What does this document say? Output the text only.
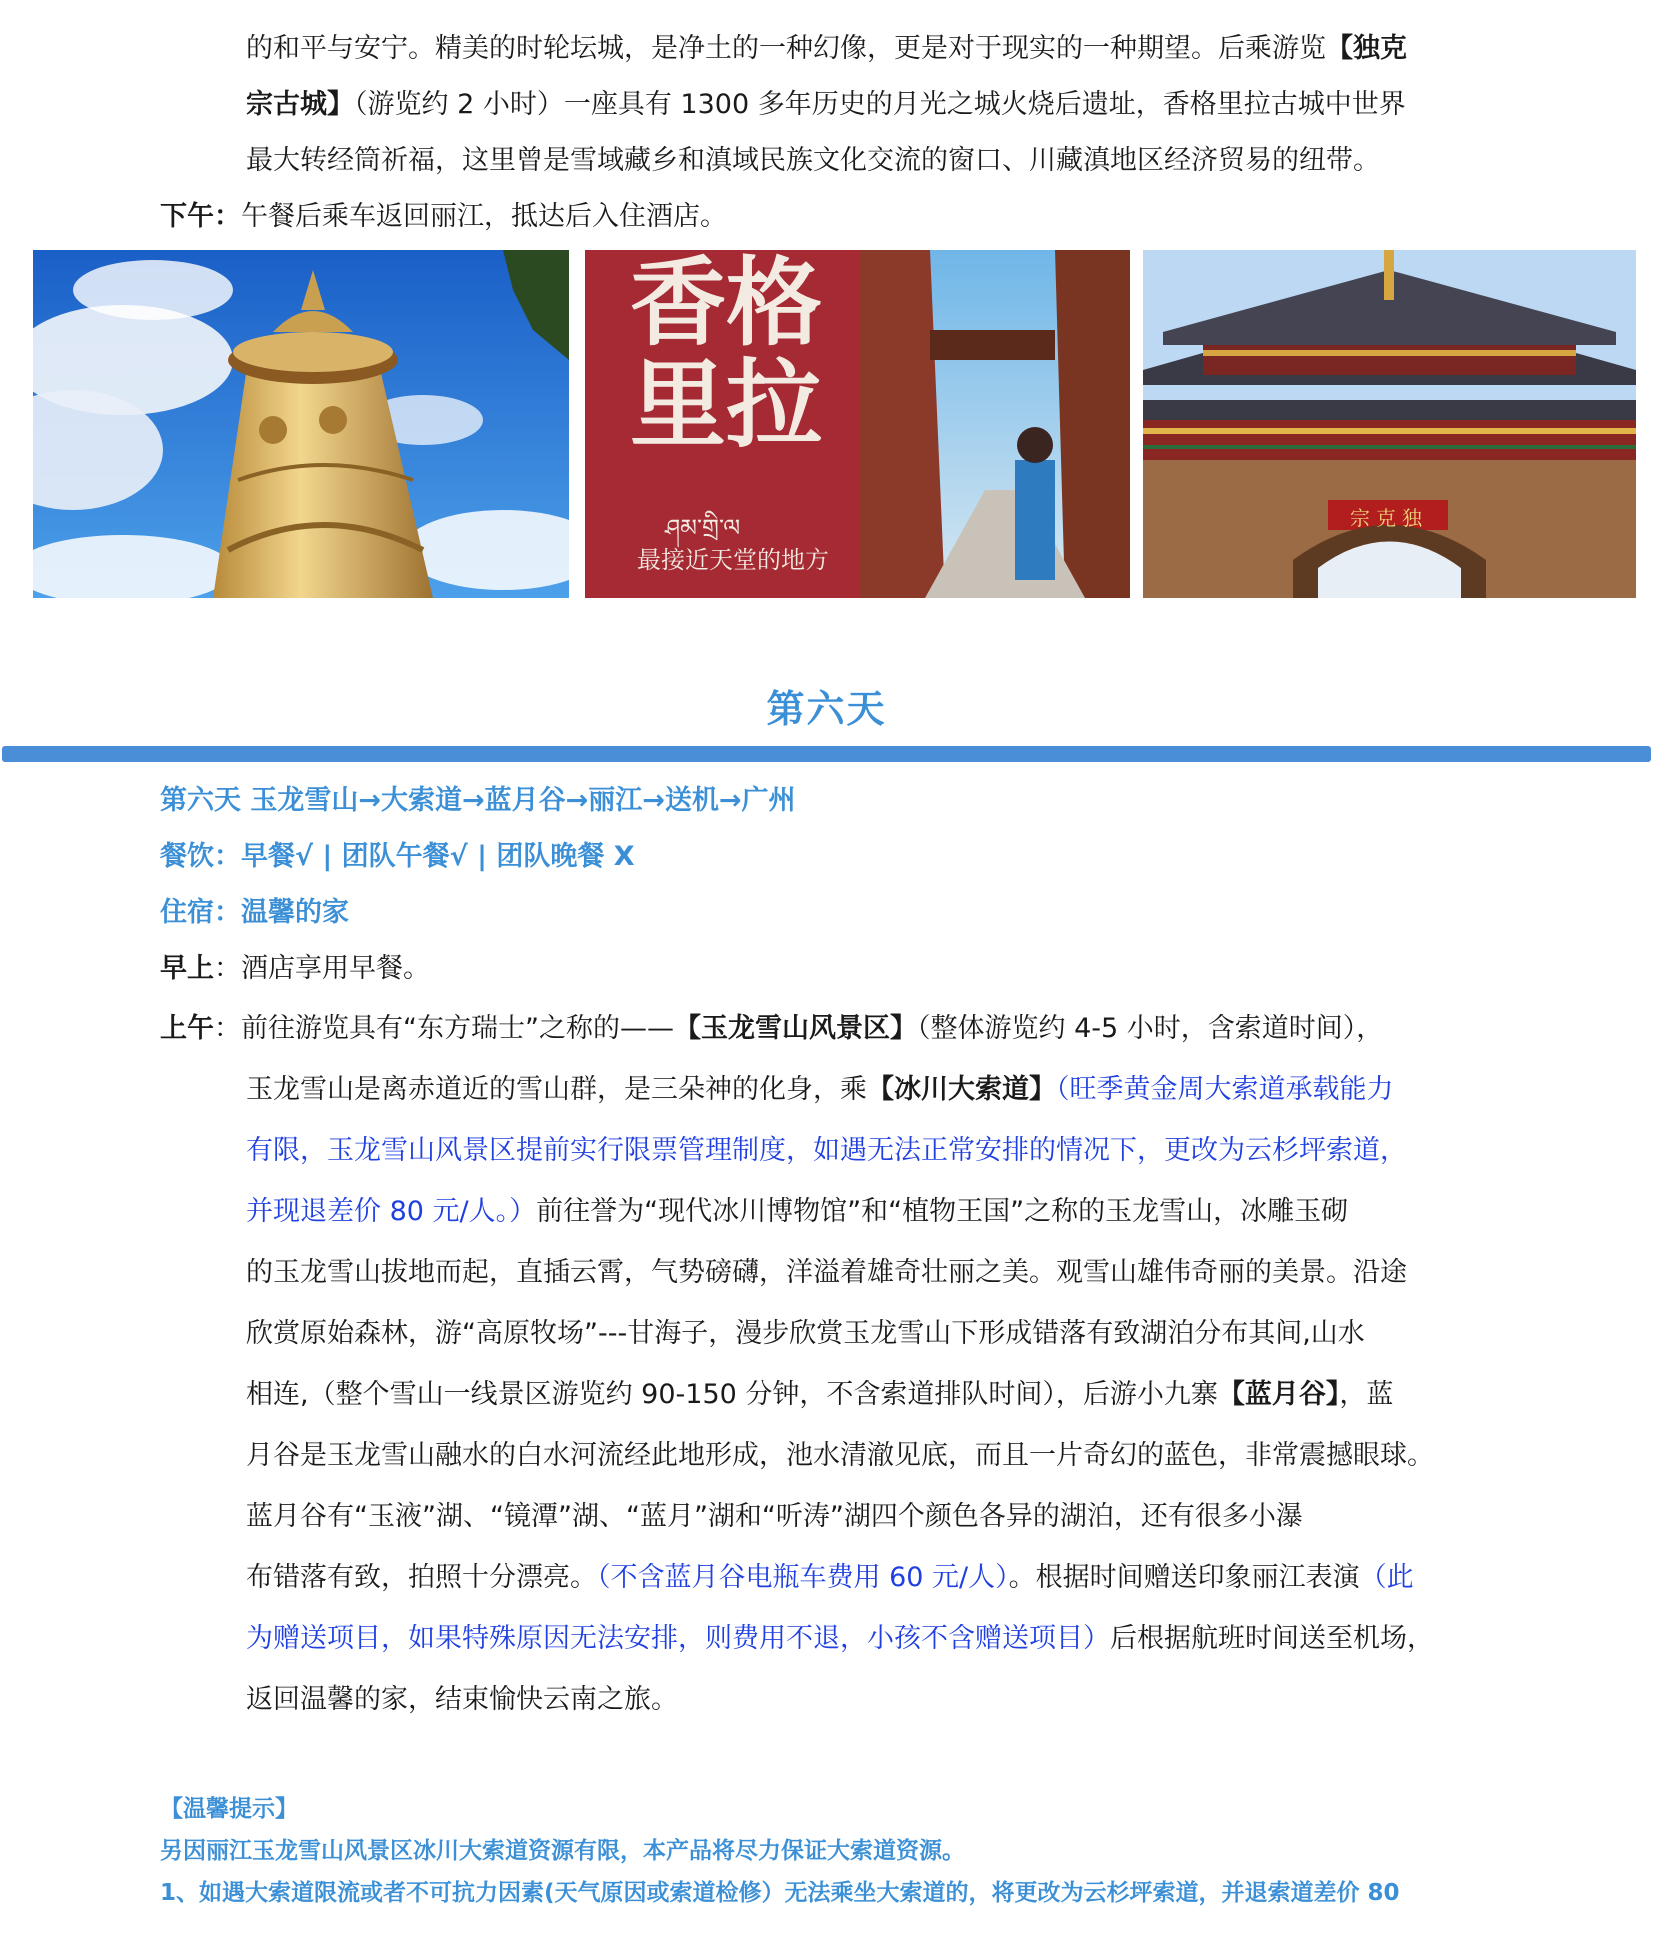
的和平与安宁。精美的时轮坛城，是净土的一种幻像，更是对于现实的一种期望。后乘游览【独克
宗古城】（游览约 2 小时）一座具有 1300 多年历史的月光之城火烧后遗址，香格里拉古城中世界
最大转经筒祈福，这里曾是雪域藏乡和滇域民族文化交流的窗口、川藏滇地区经济贸易的纽带。
下午：午餐后乘车返回丽江，抵达后入住酒店。
香格
里拉
ཤམ་གྲི་ལ
最接近天堂的地方
宗克独
第六天
第六天 玉龙雪山→大索道→蓝月谷→丽江→送机→广州
餐饮：早餐√ | 团队午餐√ | 团队晚餐 X
住宿：温馨的家
早上：酒店享用早餐。
上午：前往游览具有“东方瑞士”之称的——【玉龙雪山风景区】（整体游览约 4-5 小时，含索道时间），
玉龙雪山是离赤道近的雪山群，是三朵神的化身，乘【冰川大索道】（旺季黄金周大索道承载能力
有限，玉龙雪山风景区提前实行限票管理制度，如遇无法正常安排的情况下，更改为云杉坪索道，
并现退差价 80 元/人。）前往誉为“现代冰川博物馆”和“植物王国”之称的玉龙雪山，冰雕玉砌
的玉龙雪山拔地而起，直插云霄，气势磅礴，洋溢着雄奇壮丽之美。观雪山雄伟奇丽的美景。沿途
欣赏原始森林，游“高原牧场”---甘海子，漫步欣赏玉龙雪山下形成错落有致湖泊分布其间,山水
相连,（整个雪山一线景区游览约 90-150 分钟，不含索道排队时间），后游小九寨【蓝月谷】，蓝
月谷是玉龙雪山融水的白水河流经此地形成，池水清澈见底，而且一片奇幻的蓝色，非常震撼眼球。
蓝月谷有“玉液”湖、“镜潭”湖、“蓝月”湖和“听涛”湖四个颜色各异的湖泊，还有很多小瀑
布错落有致，拍照十分漂亮。（不含蓝月谷电瓶车费用 60 元/人）。根据时间赠送印象丽江表演（此
为赠送项目，如果特殊原因无法安排，则费用不退，小孩不含赠送项目）后根据航班时间送至机场，
返回温馨的家，结束愉快云南之旅。
【温馨提示】
另因丽江玉龙雪山风景区冰川大索道资源有限，本产品将尽力保证大索道资源。
1、如遇大索道限流或者不可抗力因素(天气原因或索道检修）无法乘坐大索道的，将更改为云杉坪索道，并退索道差价 80
